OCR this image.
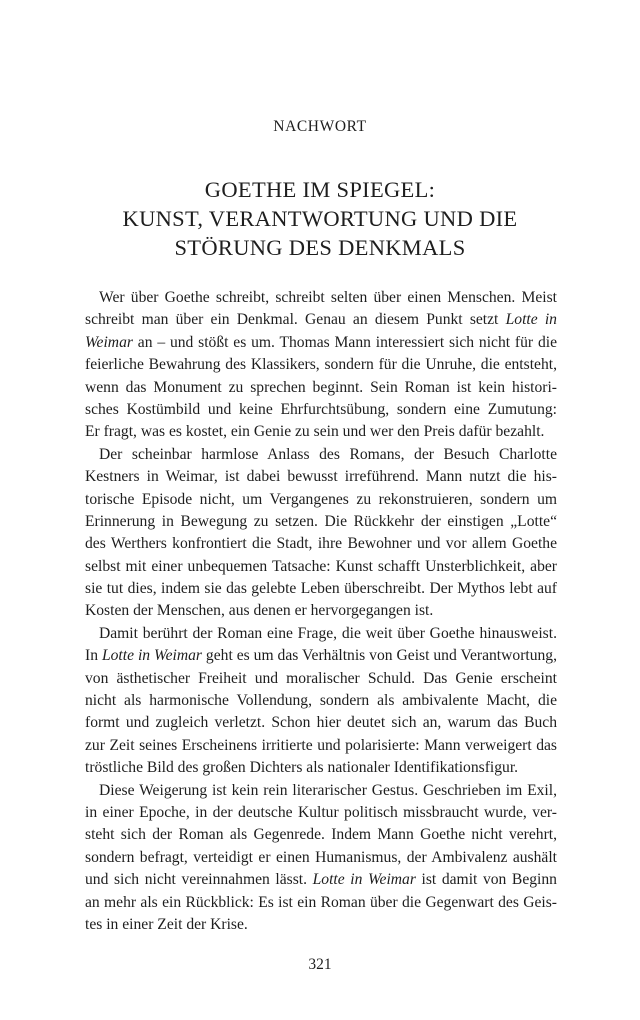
NACHWORT
GOETHE IM SPIEGEL:
KUNST, VERANTWORTUNG UND DIE
STÖRUNG DES DENKMALS
Wer über Goethe schreibt, schreibt selten über einen Menschen. Meist
schreibt man über ein Denkmal. Genau an diesem Punkt setzt Lotte in
Weimar an – und stößt es um. Thomas Mann interessiert sich nicht für die
feierliche Bewahrung des Klassikers, sondern für die Unruhe, die entsteht,
wenn das Monument zu sprechen beginnt. Sein Roman ist kein histori-
sches Kostümbild und keine Ehrfurchtsübung, sondern eine Zumutung:
Er fragt, was es kostet, ein Genie zu sein und wer den Preis dafür bezahlt.
Der scheinbar harmlose Anlass des Romans, der Besuch Charlotte
Kestners in Weimar, ist dabei bewusst irreführend. Mann nutzt die his-
torische Episode nicht, um Vergangenes zu rekonstruieren, sondern um
Erinnerung in Bewegung zu setzen. Die Rückkehr der einstigen „Lotte“
des Werthers konfrontiert die Stadt, ihre Bewohner und vor allem Goethe
selbst mit einer unbequemen Tatsache: Kunst schafft Unsterblichkeit, aber
sie tut dies, indem sie das gelebte Leben überschreibt. Der Mythos lebt auf
Kosten der Menschen, aus denen er hervorgegangen ist.
Damit berührt der Roman eine Frage, die weit über Goethe hinausweist.
In Lotte in Weimar geht es um das Verhältnis von Geist und Verantwortung,
von ästhetischer Freiheit und moralischer Schuld. Das Genie erscheint
nicht als harmonische Vollendung, sondern als ambivalente Macht, die
formt und zugleich verletzt. Schon hier deutet sich an, warum das Buch
zur Zeit seines Erscheinens irritierte und polarisierte: Mann verweigert das
tröstliche Bild des großen Dichters als nationaler Identifikationsfigur.
Diese Weigerung ist kein rein literarischer Gestus. Geschrieben im Exil,
in einer Epoche, in der deutsche Kultur politisch missbraucht wurde, ver-
steht sich der Roman als Gegenrede. Indem Mann Goethe nicht verehrt,
sondern befragt, verteidigt er einen Humanismus, der Ambivalenz aushält
und sich nicht vereinnahmen lässt. Lotte in Weimar ist damit von Beginn
an mehr als ein Rückblick: Es ist ein Roman über die Gegenwart des Geis-
tes in einer Zeit der Krise.
321
